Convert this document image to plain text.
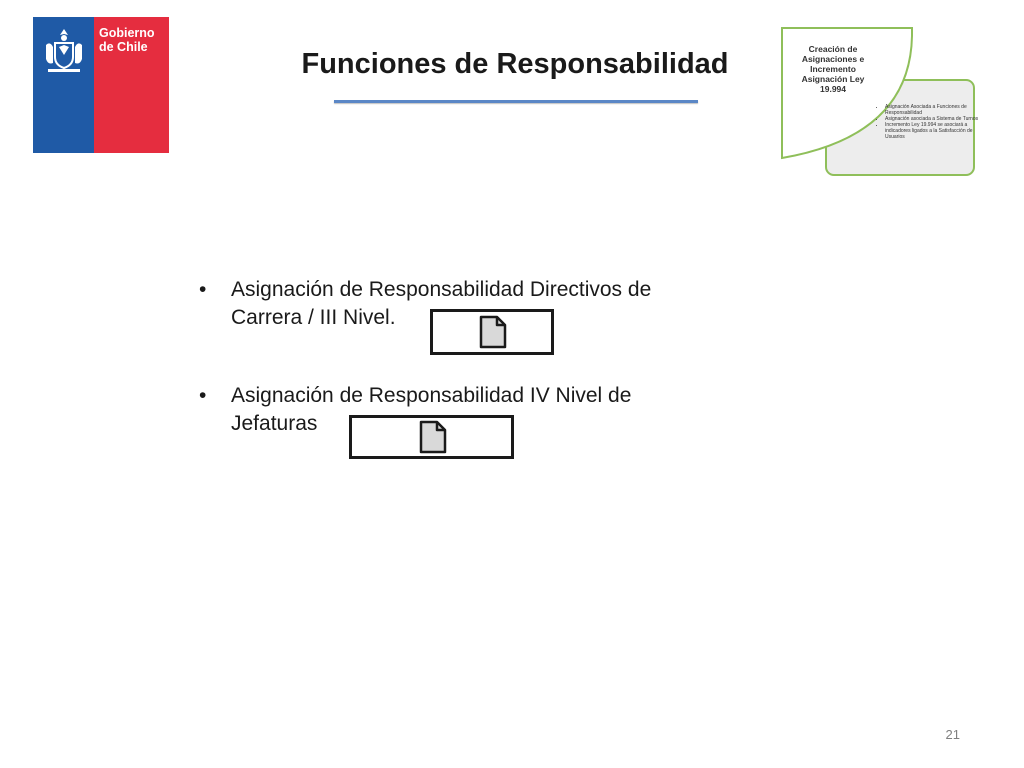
Gobierno
de Chile
Funciones de Responsabilidad	Creación de
Asignaciones e
Incremento
Asignación Ley
19.994
• Asignación Asociada a Funciones de Responsabilidad
• Asignación asociada a Sistema de Turnos
• Incremento Ley 19.994 se asociará a indicadores ligados a la Satisfacción de Usuarios
• Asignación de Responsabilidad Directivos de
Carrera / III Nivel.
• Asignación de Responsabilidad IV Nivel de
Jefaturas
21
